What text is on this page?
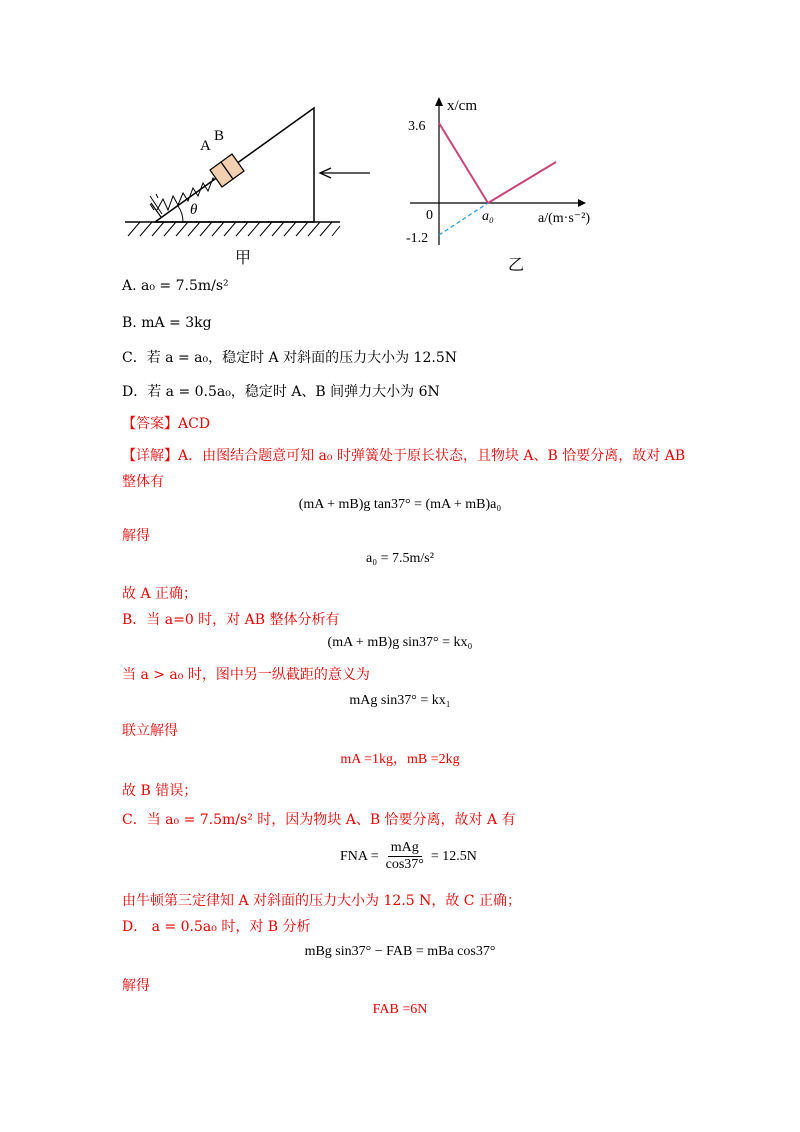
A
B
θ
甲
x/cm
a/(m·s⁻²)
0
3.6
-1.2
a₀
乙
A. a₀ = 7.5m/s²
B. mA = 3kg
C．若 a = a₀，稳定时 A 对斜面的压力大小为 12.5N
D．若 a = 0.5a₀，稳定时 A、B 间弹力大小为 6N
【答案】ACD
【详解】A．由图结合题意可知 a₀ 时弹簧处于原长状态，且物块 A、B 恰要分离，故对 AB
整体有
(mA + mB)g tan37° = (mA + mB)a₀
解得
a₀ = 7.5m/s²
故 A 正确；
B．当 a=0 时，对 AB 整体分析有
(mA + mB)g sin37° = kx₀
当 a > a₀ 时，图中另一纵截距的意义为
mAg sin37° = kx₁
联立解得
mA =1kg，mB =2kg
故 B 错误；
C．当 a₀ = 7.5m/s² 时，因为物块 A、B 恰要分离，故对 A 有
FNA =
mAg
cos37°
= 12.5N
由牛顿第三定律知 A 对斜面的压力大小为 12.5 N，故 C 正确；
D． a = 0.5a₀ 时，对 B 分析
mBg sin37° − FAB = mBa cos37°
解得
FAB =6N
